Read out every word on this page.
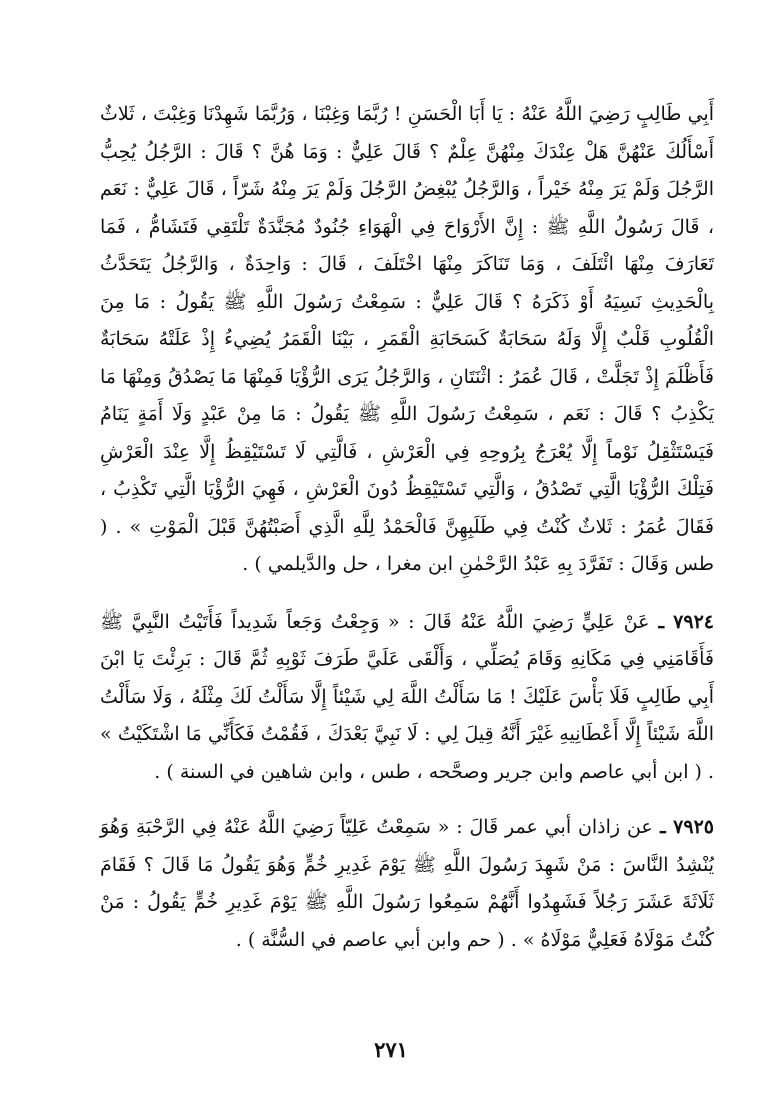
أَبِي طَالِبٍ رَضِيَ اللَّهُ عَنْهُ : يَا أَبَا الْحَسَنِ ! رُبَّمَا وَغِبْنَا ، وَرُبَّمَا شَهِدْنَا وَغِبْتَ ، ثَلاثٌ أَسْأَلُكَ عَنْهُنَّ هَلْ عِنْدَكَ مِنْهُنَّ عِلْمٌ ؟ قَالَ عَلِيٌّ : وَمَا هُنَّ ؟ قَالَ : الرَّجُلُ يُحِبُّ الرَّجُلَ وَلَمْ يَرَ مِنْهُ خَيْراً ، وَالرَّجُلُ يُبْغِضُ الرَّجُلَ وَلَمْ يَرَ مِنْهُ شَرّاً ، قَالَ عَلِيٌّ : نَعَم ، قَالَ رَسُولُ اللَّهِ ﷺ : إِنَّ الأَرْوَاحَ فِي الْهَوَاءِ جُنُودٌ مُجَنَّدَةٌ تَلْتَقِي فَتَشَامُّ ، فَمَا تَعَارَفَ مِنْهَا ائْتَلَفَ ، وَمَا تَنَاكَرَ مِنْهَا اخْتَلَفَ ، قَالَ : وَاحِدَةٌ ، وَالرَّجُلُ يَتَحَدَّثُ بِالْحَدِيثِ نَسِيَهُ أَوْ ذَكَرَهُ ؟ قَالَ عَلِيٌّ : سَمِعْتُ رَسُولَ اللَّهِ ﷺ يَقُولُ : مَا مِنَ الْقُلُوبِ قَلْبٌ إِلَّا وَلَهُ سَحَابَةٌ كَسَحَابَةِ الْقَمَرِ ، بَيْنَا الْقَمَرُ يُضِيءُ إِذْ عَلَتْهُ سَحَابَةٌ فَأَظْلَمَ إِذْ تَجَلَّتْ ، قَالَ عُمَرُ : اثْنَتَانِ ، وَالرَّجُلُ يَرَى الرُّؤْيَا فَمِنْهَا مَا يَصْدُقُ وَمِنْهَا مَا يَكْذِبُ ؟ قَالَ : نَعَم ، سَمِعْتُ رَسُولَ اللَّهِ ﷺ يَقُولُ : مَا مِنْ عَبْدٍ وَلَا أَمَةٍ يَنَامُ فَيَسْتَثْقِلُ نَوْماً إِلَّا يُعْرَجُ بِرُوحِهِ فِي الْعَرْشِ ، فَالَّتِي لَا تَسْتَيْقِظُ إِلَّا عِنْدَ الْعَرْشِ فَتِلْكَ الرُّؤْيَا الَّتِي تَصْدُقُ ، وَالَّتِي تَسْتَيْقِظُ دُونَ الْعَرْشِ ، فَهِيَ الرُّؤْيَا الَّتِي تَكْذِبُ ، فَقَالَ عُمَرُ : ثَلاثٌ كُنْتُ فِي طَلَبِهِنَّ فَالْحَمْدُ لِلَّهِ الَّذِي أَصَبْتُهُنَّ قَبْلَ الْمَوْتِ » . ( طس وَقَالَ : تَفَرَّدَ بِهِ عَبْدُ الرَّحْمٰنِ ابن مغرا ، حل والدَّيلمي ) .

٧٩٢٤ ـ عَنْ عَلِيٍّ رَضِيَ اللَّهُ عَنْهُ قَالَ : « وَجِعْتُ وَجَعاً شَدِيداً فَأَتَيْتُ النَّبِيَّ ﷺ فَأَقَامَنِي فِي مَكَانِهِ وَقَامَ يُصَلِّي ، وَأَلْقَى عَلَيَّ طَرَفَ ثَوْبِهِ ثُمَّ قَالَ : بَرِئْتَ يَا ابْنَ أَبِي طَالِبٍ فَلَا بَأْسَ عَلَيْكَ ! مَا سَأَلْتُ اللَّهَ لِي شَيْئاً إِلَّا سَأَلْتُ لَكَ مِثْلَهُ ، وَلَا سَأَلْتُ اللَّهَ شَيْئاً إِلَّا أَعْطَانِيهِ غَيْرَ أَنَّهُ قِيلَ لِي : لَا نَبِيَّ بَعْدَكَ ، فَقُمْتُ فَكَأَنِّي مَا اشْتَكَيْتُ » . ( ابن أبي عاصم وابن جرير وصحَّحه ، طس ، وابن شاهين في السنة ) .

٧٩٢٥ ـ عن زاذان أبي عمر قَالَ : « سَمِعْتُ عَلِيّاً رَضِيَ اللَّهُ عَنْهُ فِي الرَّحْبَةِ وَهُوَ يُنْشِدُ النَّاسَ : مَنْ شَهِدَ رَسُولَ اللَّهِ ﷺ يَوْمَ غَدِيرِ خُمٍّ وَهُوَ يَقُولُ مَا قَالَ ؟ فَقَامَ ثَلَاثَةَ عَشَرَ رَجُلاً فَشَهِدُوا أَنَّهُمْ سَمِعُوا رَسُولَ اللَّهِ ﷺ يَوْمَ غَدِيرِ خُمٍّ يَقُولُ : مَنْ كُنْتُ مَوْلَاهُ فَعَلِيٌّ مَوْلَاهُ » . ( حم وابن أبي عاصم في السُّنَّة ) .

٢٧١
